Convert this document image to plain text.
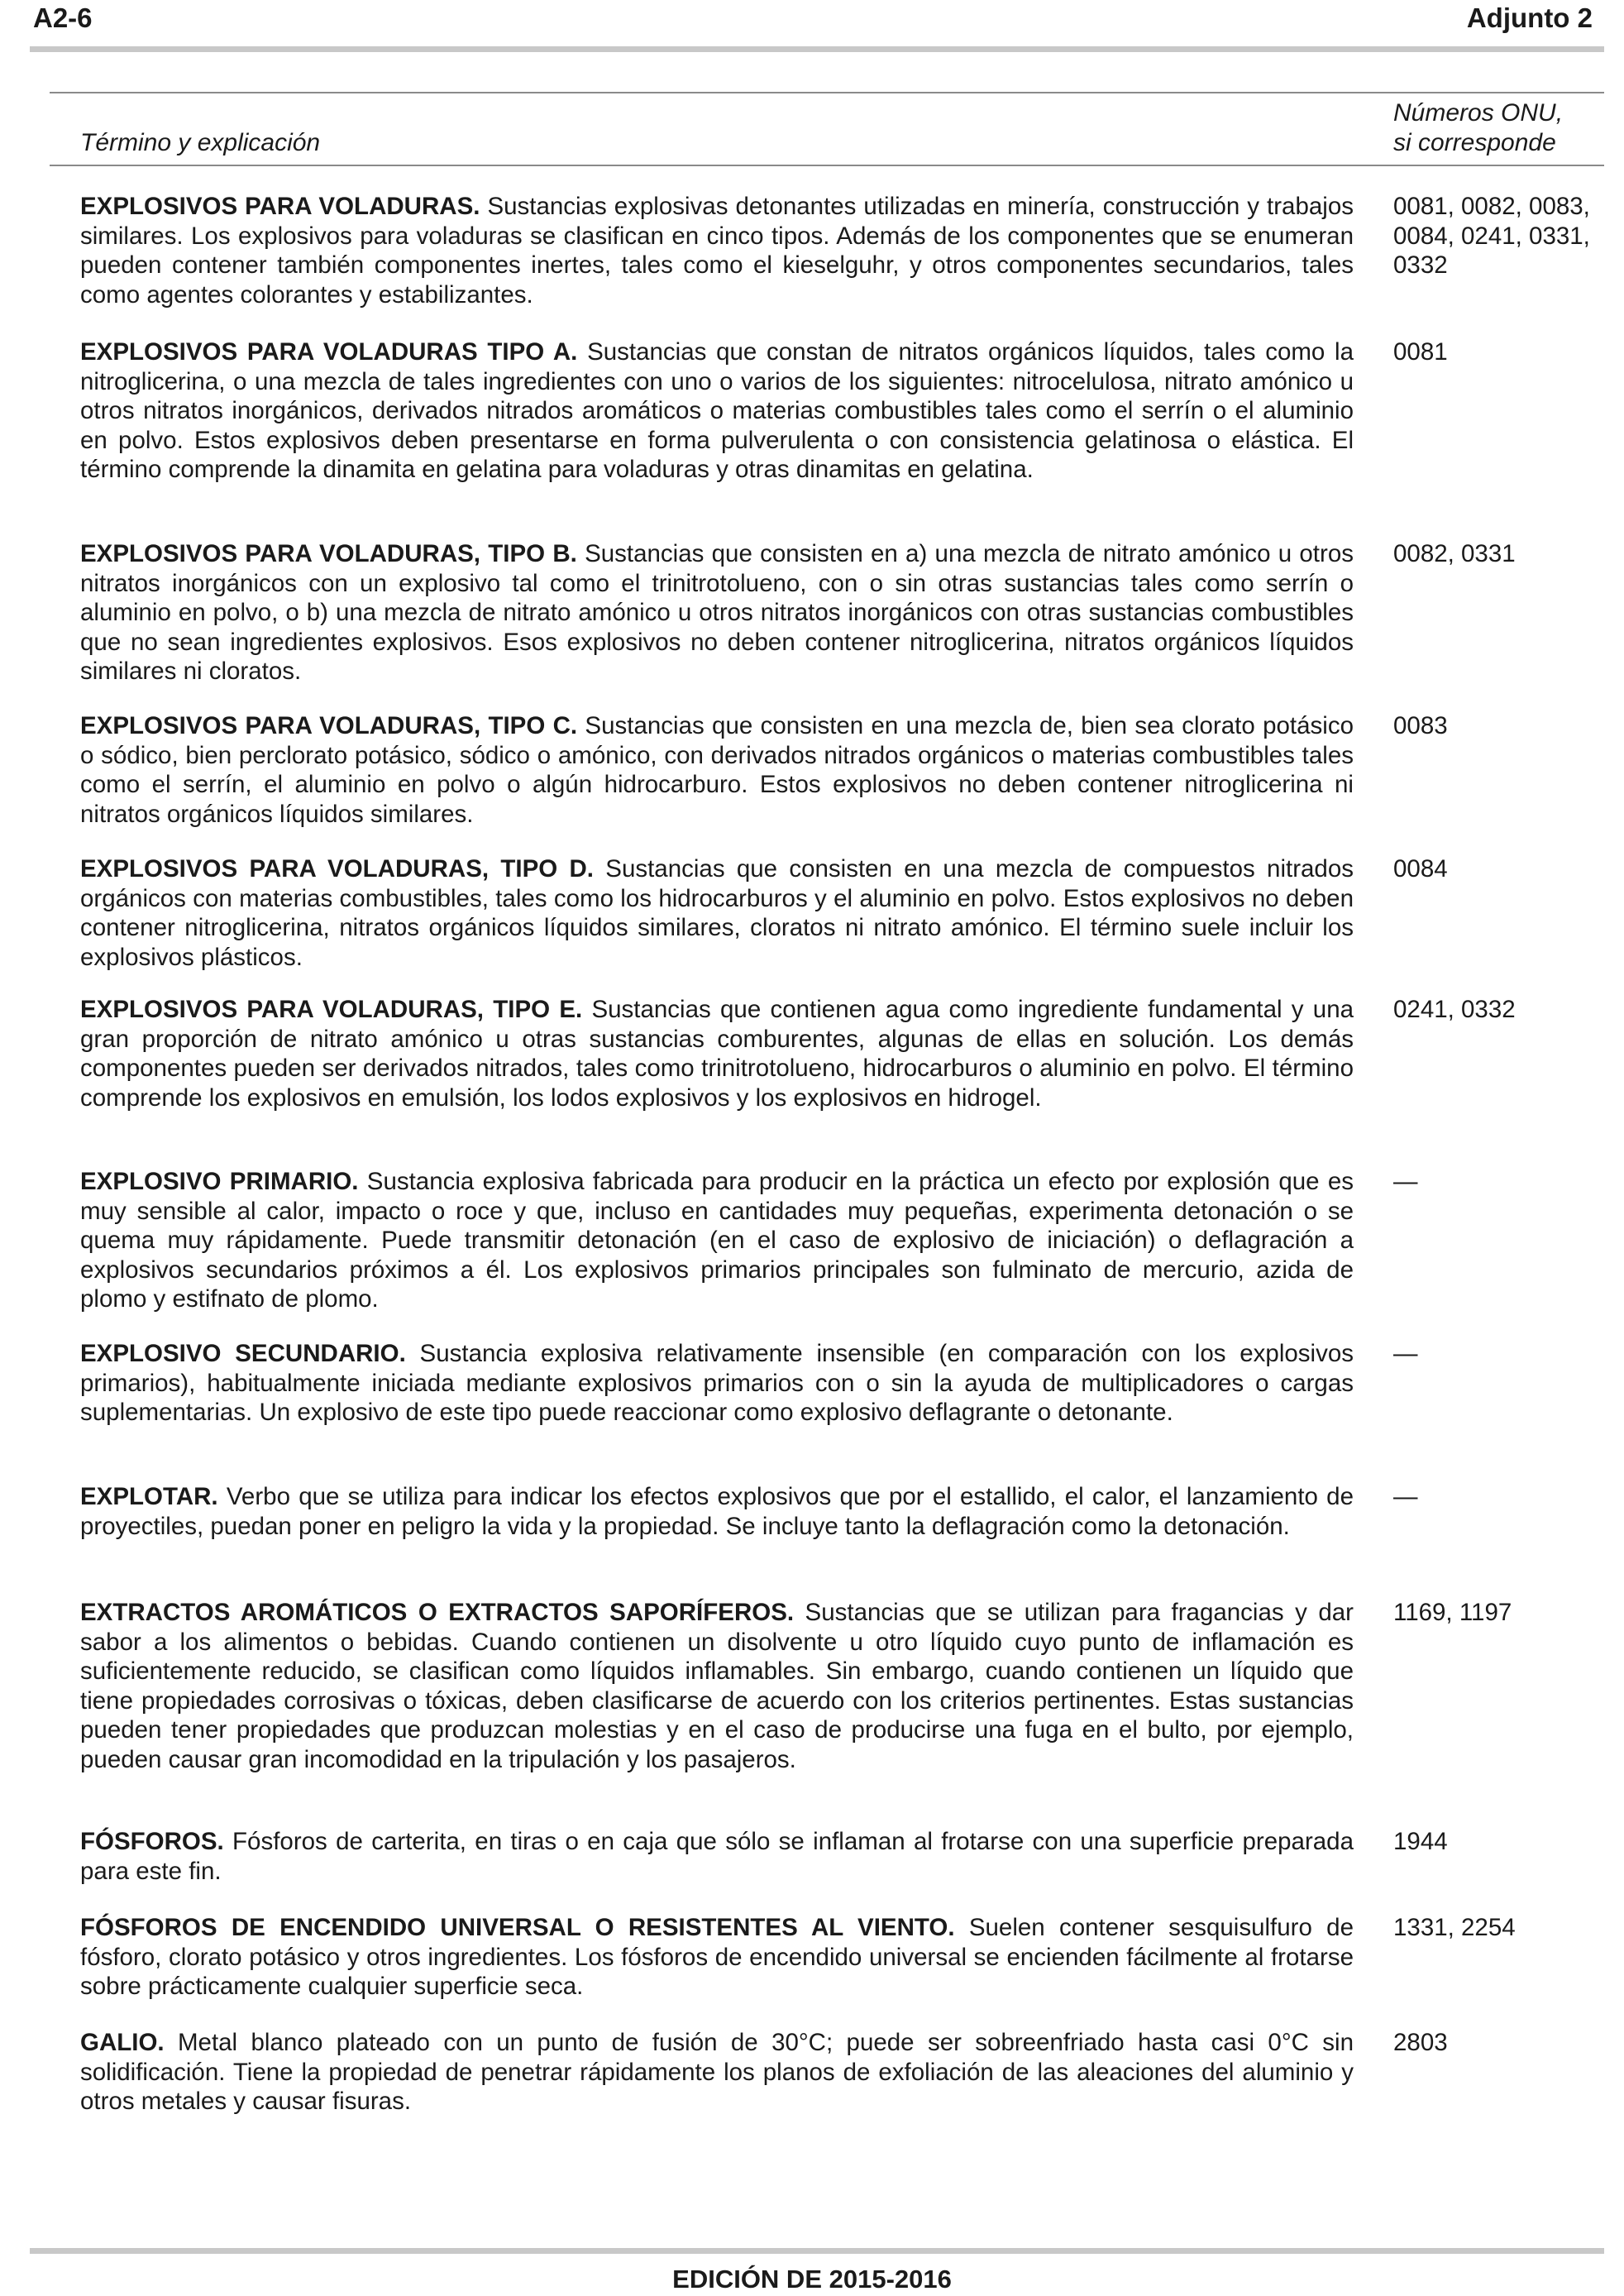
A2-6	Adjunto 2
Término y explicación
Números ONU,
si corresponde
EXPLOSIVOS PARA VOLADURAS. Sustancias explosivas detonantes utilizadas en minería, construcción y trabajos similares. Los explosivos para voladuras se clasifican en cinco tipos. Además de los componentes que se enumeran pueden contener también componentes inertes, tales como el kieselguhr, y otros componentes secundarios, tales como agentes colorantes y estabilizantes.
0081, 0082, 0083, 0084, 0241, 0331, 0332
EXPLOSIVOS PARA VOLADURAS TIPO A. Sustancias que constan de nitratos orgánicos líquidos, tales como la nitroglicerina, o una mezcla de tales ingredientes con uno o varios de los siguientes: nitrocelulosa, nitrato amónico u otros nitratos inorgánicos, derivados nitrados aromáticos o materias combustibles tales como el serrín o el aluminio en polvo. Estos explosivos deben presentarse en forma pulverulenta o con consistencia gelatinosa o elástica. El término comprende la dinamita en gelatina para voladuras y otras dinamitas en gelatina.
0081
EXPLOSIVOS PARA VOLADURAS, TIPO B. Sustancias que consisten en a) una mezcla de nitrato amónico u otros nitratos inorgánicos con un explosivo tal como el trinitrotolueno, con o sin otras sustancias tales como serrín o aluminio en polvo, o b) una mezcla de nitrato amónico u otros nitratos inorgánicos con otras sustancias combustibles que no sean ingredientes explosivos. Esos explosivos no deben contener nitroglicerina, nitratos orgánicos líquidos similares ni cloratos.
0082, 0331
EXPLOSIVOS PARA VOLADURAS, TIPO C. Sustancias que consisten en una mezcla de, bien sea clorato potásico o sódico, bien perclorato potásico, sódico o amónico, con derivados nitrados orgánicos o materias combustibles tales como el serrín, el aluminio en polvo o algún hidrocarburo. Estos explosivos no deben contener nitroglicerina ni nitratos orgánicos líquidos similares.
0083
EXPLOSIVOS PARA VOLADURAS, TIPO D. Sustancias que consisten en una mezcla de compuestos nitrados orgánicos con materias combustibles, tales como los hidrocarburos y el aluminio en polvo. Estos explosivos no deben contener nitroglicerina, nitratos orgánicos líquidos similares, cloratos ni nitrato amónico. El término suele incluir los explosivos plásticos.
0084
EXPLOSIVOS PARA VOLADURAS, TIPO E. Sustancias que contienen agua como ingrediente fundamental y una gran proporción de nitrato amónico u otras sustancias comburentes, algunas de ellas en solución. Los demás componentes pueden ser derivados nitrados, tales como trinitrotolueno, hidrocarburos o aluminio en polvo. El término comprende los explosivos en emulsión, los lodos explosivos y los explosivos en hidrogel.
0241, 0332
EXPLOSIVO PRIMARIO. Sustancia explosiva fabricada para producir en la práctica un efecto por explosión que es muy sensible al calor, impacto o roce y que, incluso en cantidades muy pequeñas, experimenta detonación o se quema muy rápidamente. Puede transmitir detonación (en el caso de explosivo de iniciación) o deflagración a explosivos secundarios próximos a él. Los explosivos primarios principales son fulminato de mercurio, azida de plomo y estifnato de plomo.
—
EXPLOSIVO SECUNDARIO. Sustancia explosiva relativamente insensible (en comparación con los explosivos primarios), habitualmente iniciada mediante explosivos primarios con o sin la ayuda de multiplicadores o cargas suplementarias. Un explosivo de este tipo puede reaccionar como explosivo deflagrante o detonante.
—
EXPLOTAR. Verbo que se utiliza para indicar los efectos explosivos que por el estallido, el calor, el lanzamiento de proyectiles, puedan poner en peligro la vida y la propiedad. Se incluye tanto la deflagración como la detonación.
—
EXTRACTOS AROMÁTICOS O EXTRACTOS SAPORÍFEROS. Sustancias que se utilizan para fragancias y dar sabor a los alimentos o bebidas. Cuando contienen un disolvente u otro líquido cuyo punto de inflamación es suficientemente reducido, se clasifican como líquidos inflamables. Sin embargo, cuando contienen un líquido que tiene propiedades corrosivas o tóxicas, deben clasificarse de acuerdo con los criterios pertinentes. Estas sustancias pueden tener propiedades que produzcan molestias y en el caso de producirse una fuga en el bulto, por ejemplo, pueden causar gran incomodidad en la tripulación y los pasajeros.
1169, 1197
FÓSFOROS. Fósforos de carterita, en tiras o en caja que sólo se inflaman al frotarse con una superficie preparada para este fin.
1944
FÓSFOROS DE ENCENDIDO UNIVERSAL O RESISTENTES AL VIENTO. Suelen contener sesquisulfuro de fósforo, clorato potásico y otros ingredientes. Los fósforos de encendido universal se encienden fácilmente al frotarse sobre prácticamente cualquier superficie seca.
1331, 2254
GALIO. Metal blanco plateado con un punto de fusión de 30°C; puede ser sobreenfriado hasta casi 0°C sin solidificación. Tiene la propiedad de penetrar rápidamente los planos de exfoliación de las aleaciones del aluminio y otros metales y causar fisuras.
2803
EDICIÓN DE 2015-2016
